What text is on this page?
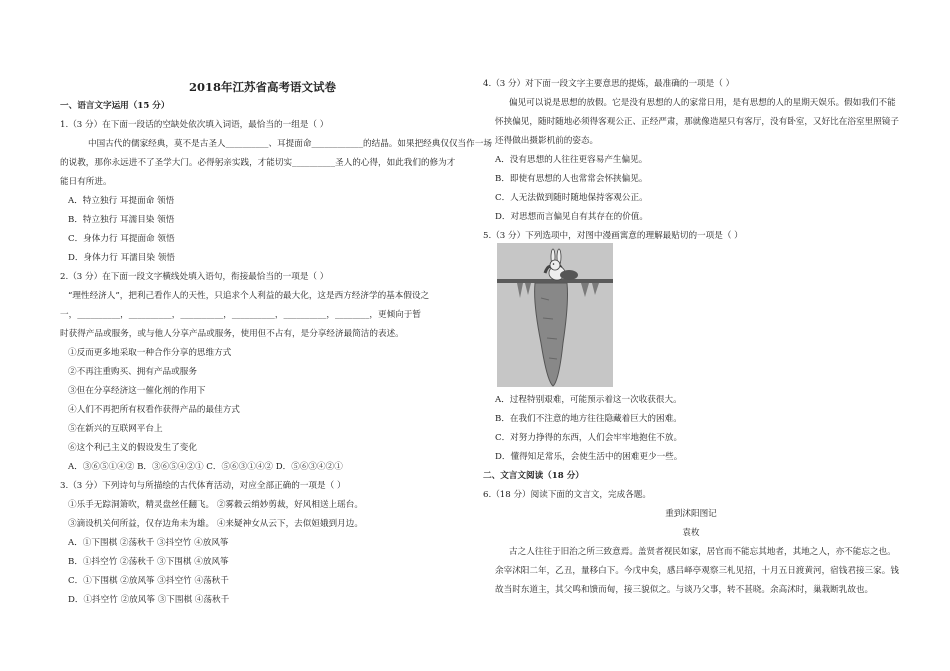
2018年江苏省高考语文试卷
一、语言文字运用（15 分）
1.（3 分）在下面一段话的空缺处依次填入词语，最恰当的一组是（ ）
中国古代的儒家经典，莫不是古圣人__________、耳提面命____________的结晶。如果把经典仅仅当作一场
的说教，那你永远进不了圣学大门。必得躬亲实践，才能切实__________圣人的心得，如此我们的修为才
能日有所进。
A．特立独行 耳提面命 领悟
B．特立独行 耳濡目染 领悟
C．身体力行 耳提面命 领悟
D．身体力行 耳濡目染 领悟
2.（3 分）在下面一段文字横线处填入语句，衔接最恰当的一项是（ ）
“理性经济人”，把利己看作人的天性，只追求个人利益的最大化，这是西方经济学的基本假设之
一，__________，__________，__________，__________，__________，________，更倾向于暂
时获得产品或服务，或与他人分享产品或服务，使用但不占有，是分享经济最简洁的表述。
①反而更多地采取一种合作分享的思维方式
②不再注重购买、拥有产品或服务
③但在分享经济这一催化剂的作用下
④人们不再把所有权看作获得产品的最佳方式
⑤在新兴的互联网平台上
⑥这个利己主义的假设发生了变化
A．③⑥⑤①④② B．③⑥⑤④②① C．⑤⑥③①④② D．⑤⑥③④②①
3.（3 分）下列诗句与所描绘的古代体育活动，对应全部正确的一项是（ ）
①乐手无踪洞箫吹，精灵盘丝任翻飞。 ②雾縠云绡妙剪裁，好风相送上瑶台。
③滴设机关何所益，仅存边角未为雄。 ④来疑神女从云下，去似姮娥到月边。
A．①下围棋 ②荡秋千 ③抖空竹 ④放风筝
B．①抖空竹 ②荡秋千 ③下围棋 ④放风筝
C．①下围棋 ②放风筝 ③抖空竹 ④荡秋千
D．①抖空竹 ②放风筝 ③下围棋 ④荡秋千
4.（3 分）对下面一段文字主要意思的提炼，最准确的一项是（ ）
偏见可以说是思想的放假。它是没有思想的人的家常日用，是有思想的人的星期天娱乐。假如我们不能
怀挟偏见，随时随地必须得客观公正、正经严肃，那就像造屋只有客厅，没有卧室，又好比在浴室里照镜子
还得做出摄影机前的姿态。
A．没有思想的人往往更容易产生偏见。
B．即使有思想的人也常常会怀挟偏见。
C．人无法做到随时随地保持客观公正。
D．对思想而言偏见自有其存在的价值。
5.（3 分）下列选项中，对图中漫画寓意的理解最贴切的一项是（ ）
A．过程特别艰难，可能预示着这一次收获很大。
B．在我们不注意的地方往往隐藏着巨大的困难。
C．对努力挣得的东西，人们会牢牢地抱住不放。
D．懂得知足常乐，会使生活中的困难更少一些。
二、文言文阅读（18 分）
6.（18 分）阅读下面的文言文，完成各题。
重到沭阳图记
袁枚
古之人往往于旧治之所三致意焉。盖贤者视民如家，居官而不能忘其地者，其地之人，亦不能忘之也。
余宰沭阳二年，乙丑，量移白下。今戊申矣，感吕峄亭观察三札见招，十月五日渡黄河，宿钱君接三家。钱
故当时东道主，其父鸣和馈而甸，接三貌似之。与谈乃父事，转不甚晓。余高沭时，巢栽断乳故也。
